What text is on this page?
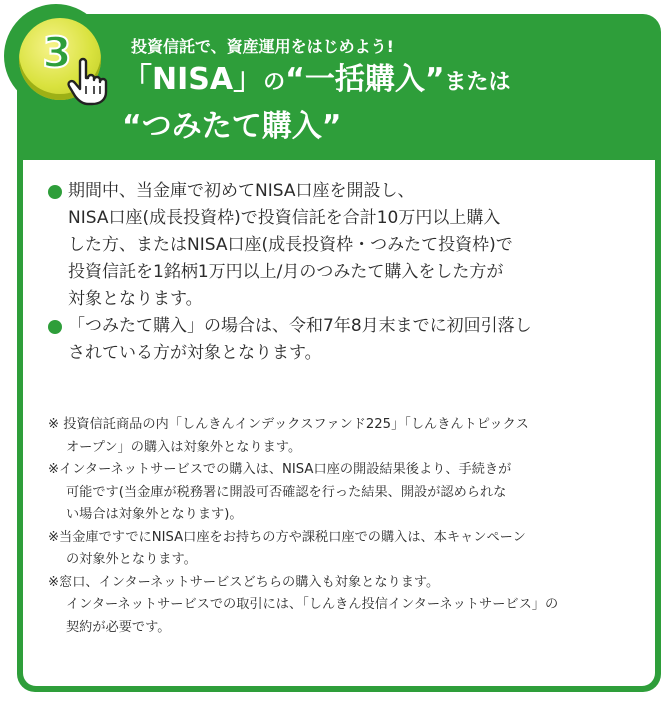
3	投資信託で、資産運用をはじめよう!
「NISA」の“一括購入”または
“つみたて購入”
期間中、当金庫で初めてNISA口座を開設し、
NISA口座(成長投資枠)で投資信託を合計10万円以上購入
した方、またはNISA口座(成長投資枠・つみたて投資枠)で
投資信託を1銘柄1万円以上/月のつみたて購入をした方が
対象となります。
「つみたて購入」の場合は、令和7年8月末までに初回引落し
されている方が対象となります。
※ 投資信託商品の内「しんきんインデックスファンド225」「しんきんトピックス
オープン」の購入は対象外となります。
※インターネットサービスでの購入は、NISA口座の開設結果後より、手続きが
可能です(当金庫が税務署に開設可否確認を行った結果、開設が認められな
い場合は対象外となります)。
※当金庫ですでにNISA口座をお持ちの方や課税口座での購入は、本キャンペーン
の対象外となります。
※窓口、インターネットサービスどちらの購入も対象となります。
インターネットサービスでの取引には、「しんきん投信インターネットサービス」の
契約が必要です。
